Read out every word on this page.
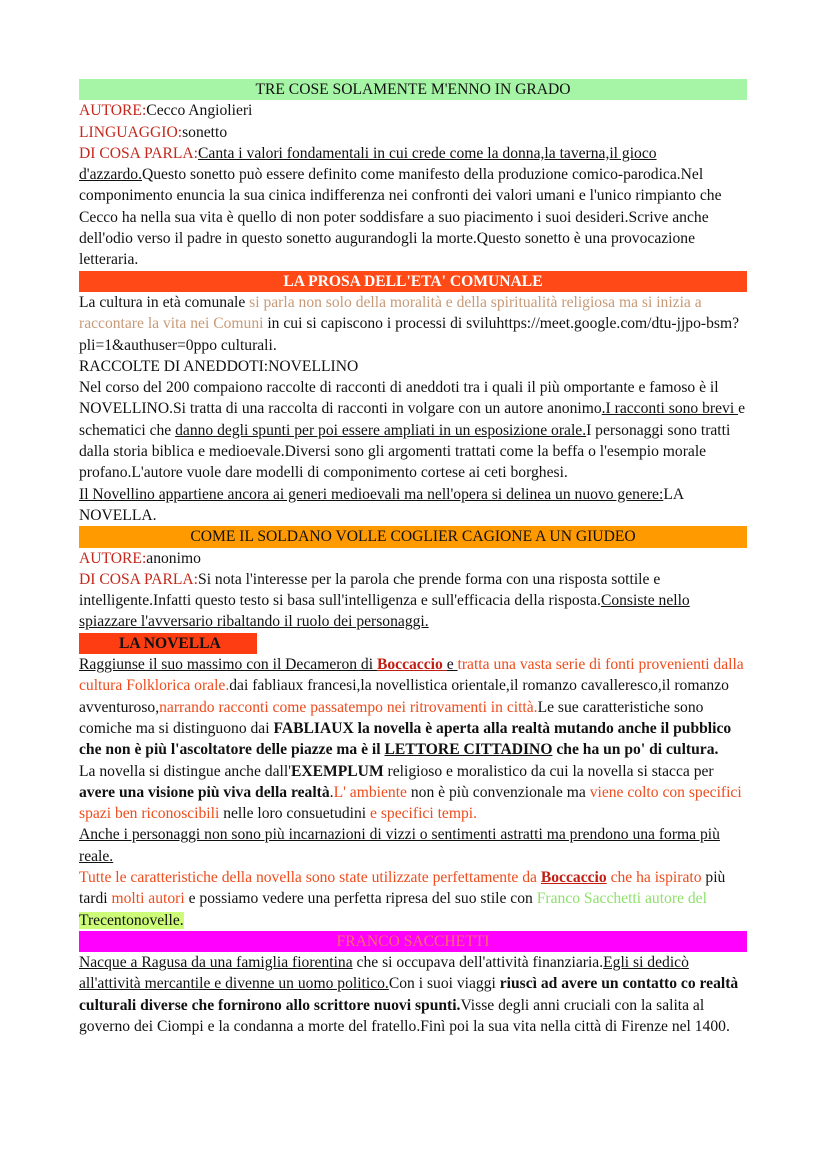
TRE COSE SOLAMENTE M'ENNO IN GRADO

AUTORE:Cecco Angiolieri

LINGUAGGIO:sonetto

DI COSA PARLA:Canta i valori fondamentali in cui crede come la donna,la taverna,il gioco d'azzardo.Questo sonetto può essere definito come manifesto della produzione comico-parodica.Nel componimento enuncia la sua cinica indifferenza nei confronti dei valori umani e l'unico rimpianto che Cecco ha nella sua vita è quello di non poter soddisfare a suo piacimento i suoi desideri.Scrive anche dell'odio verso il padre in questo sonetto augurandogli la morte.Questo sonetto è una provocazione letteraria.

LA PROSA DELL'ETA' COMUNALE

La cultura in età comunale si parla non solo della moralità e della spiritualità religiosa ma si inizia a raccontare la vita nei Comuni in cui si capiscono i processi di sviluhttps://meet.google.com/dtu-jjpo-bsm?pli=1&authuser=0ppo culturali.

RACCOLTE DI ANEDDOTI:NOVELLINO

Nel corso del 200 compaiono raccolte di racconti di aneddoti tra i quali il più omportante e famoso è il NOVELLINO.Si tratta di una raccolta di racconti in volgare con un autore anonimo.I racconti sono brevi e schematici che danno degli spunti per poi essere ampliati in un esposizione orale.I personaggi sono tratti dalla storia biblica e medioevale.Diversi sono gli argomenti trattati come la beffa o l'esempio morale profano.L'autore vuole dare modelli di componimento cortese ai ceti borghesi.

Il Novellino appartiene ancora ai generi medioevali ma nell'opera si delinea un nuovo genere:LA NOVELLA.

COME IL SOLDANO VOLLE COGLIER CAGIONE A UN GIUDEO

AUTORE:anonimo

DI COSA PARLA:Si nota l'interesse per la parola che prende forma con una risposta sottile e intelligente.Infatti questo testo si basa sull'intelligenza e sull'efficacia della risposta.Consiste nello spiazzare l'avversario ribaltando il ruolo dei personaggi.

LA NOVELLA

Raggiunse il suo massimo con il Decameron di Boccaccio e tratta una vasta serie di fonti provenienti dalla cultura Folklorica orale.dai fabliaux francesi,la novellistica orientale,il romanzo cavalleresco,il romanzo avventuroso,narrando racconti come passatempo nei ritrovamenti in città.Le sue caratteristiche sono comiche ma si distinguono dai FABLIAUX la novella è aperta alla realtà mutando anche il pubblico che non è più l'ascoltatore delle piazze ma è il LETTORE CITTADINO che ha un po' di cultura.

La novella si distingue anche dall'EXEMPLUM religioso e moralistico da cui la novella si stacca per avere una visione più viva della realtà.L' ambiente non è più convenzionale ma viene colto con specifici spazi ben riconoscibili nelle loro consuetudini e specifici tempi.

Anche i personaggi non sono più incarnazioni di vizzi o sentimenti astratti ma prendono una forma più reale.

Tutte le caratteristiche della novella sono state utilizzate perfettamente da Boccaccio che ha ispirato più tardi molti autori e possiamo vedere una perfetta ripresa del suo stile con Franco Sacchetti autore del Trecentonovelle.

FRANCO SACCHETTI

Nacque a Ragusa da una famiglia fiorentina che si occupava dell'attività finanziaria.Egli si dedicò all'attività mercantile e divenne un uomo politico.Con i suoi viaggi riuscì ad avere un contatto co realtà culturali diverse che fornirono allo scrittore nuovi spunti.Visse degli anni cruciali con la salita al governo dei Ciompi e la condanna a morte del fratello.Finì poi la sua vita nella città di Firenze nel 1400.
